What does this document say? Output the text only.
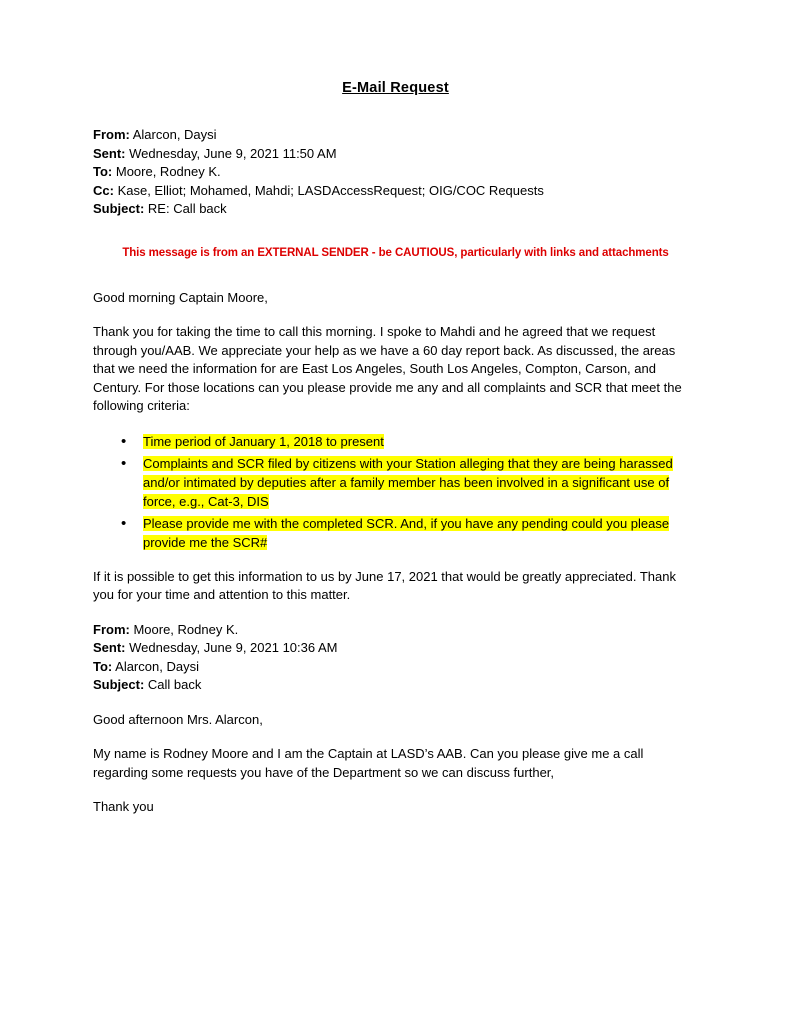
E-Mail Request
From: Alarcon, Daysi
Sent: Wednesday, June 9, 2021 11:50 AM
To: Moore, Rodney K.
Cc: Kase, Elliot; Mohamed, Mahdi; LASDAccessRequest; OIG/COC Requests
Subject: RE: Call back
This message is from an EXTERNAL SENDER - be CAUTIOUS, particularly with links and attachments

Good morning Captain Moore,

Thank you for taking the time to call this morning. I spoke to Mahdi and he agreed that we request through you/AAB. We appreciate your help as we have a 60 day report back. As discussed, the areas that we need the information for are East Los Angeles, South Los Angeles, Compton, Carson, and Century. For those locations can you please provide me any and all complaints and SCR that meet the following criteria:

• Time period of January 1, 2018 to present
• Complaints and SCR filed by citizens with your Station alleging that they are being harassed and/or intimated by deputies after a family member has been involved in a significant use of force, e.g., Cat-3, DIS
• Please provide me with the completed SCR. And, if you have any pending could you please provide me the SCR#

If it is possible to get this information to us by June 17, 2021 that would be greatly appreciated. Thank you for your time and attention to this matter.

From: Moore, Rodney K.
Sent: Wednesday, June 9, 2021 10:36 AM
To: Alarcon, Daysi
Subject: Call back

Good afternoon Mrs. Alarcon,

My name is Rodney Moore and I am the Captain at LASD’s AAB. Can you please give me a call regarding some requests you have of the Department so we can discuss further,

Thank you
